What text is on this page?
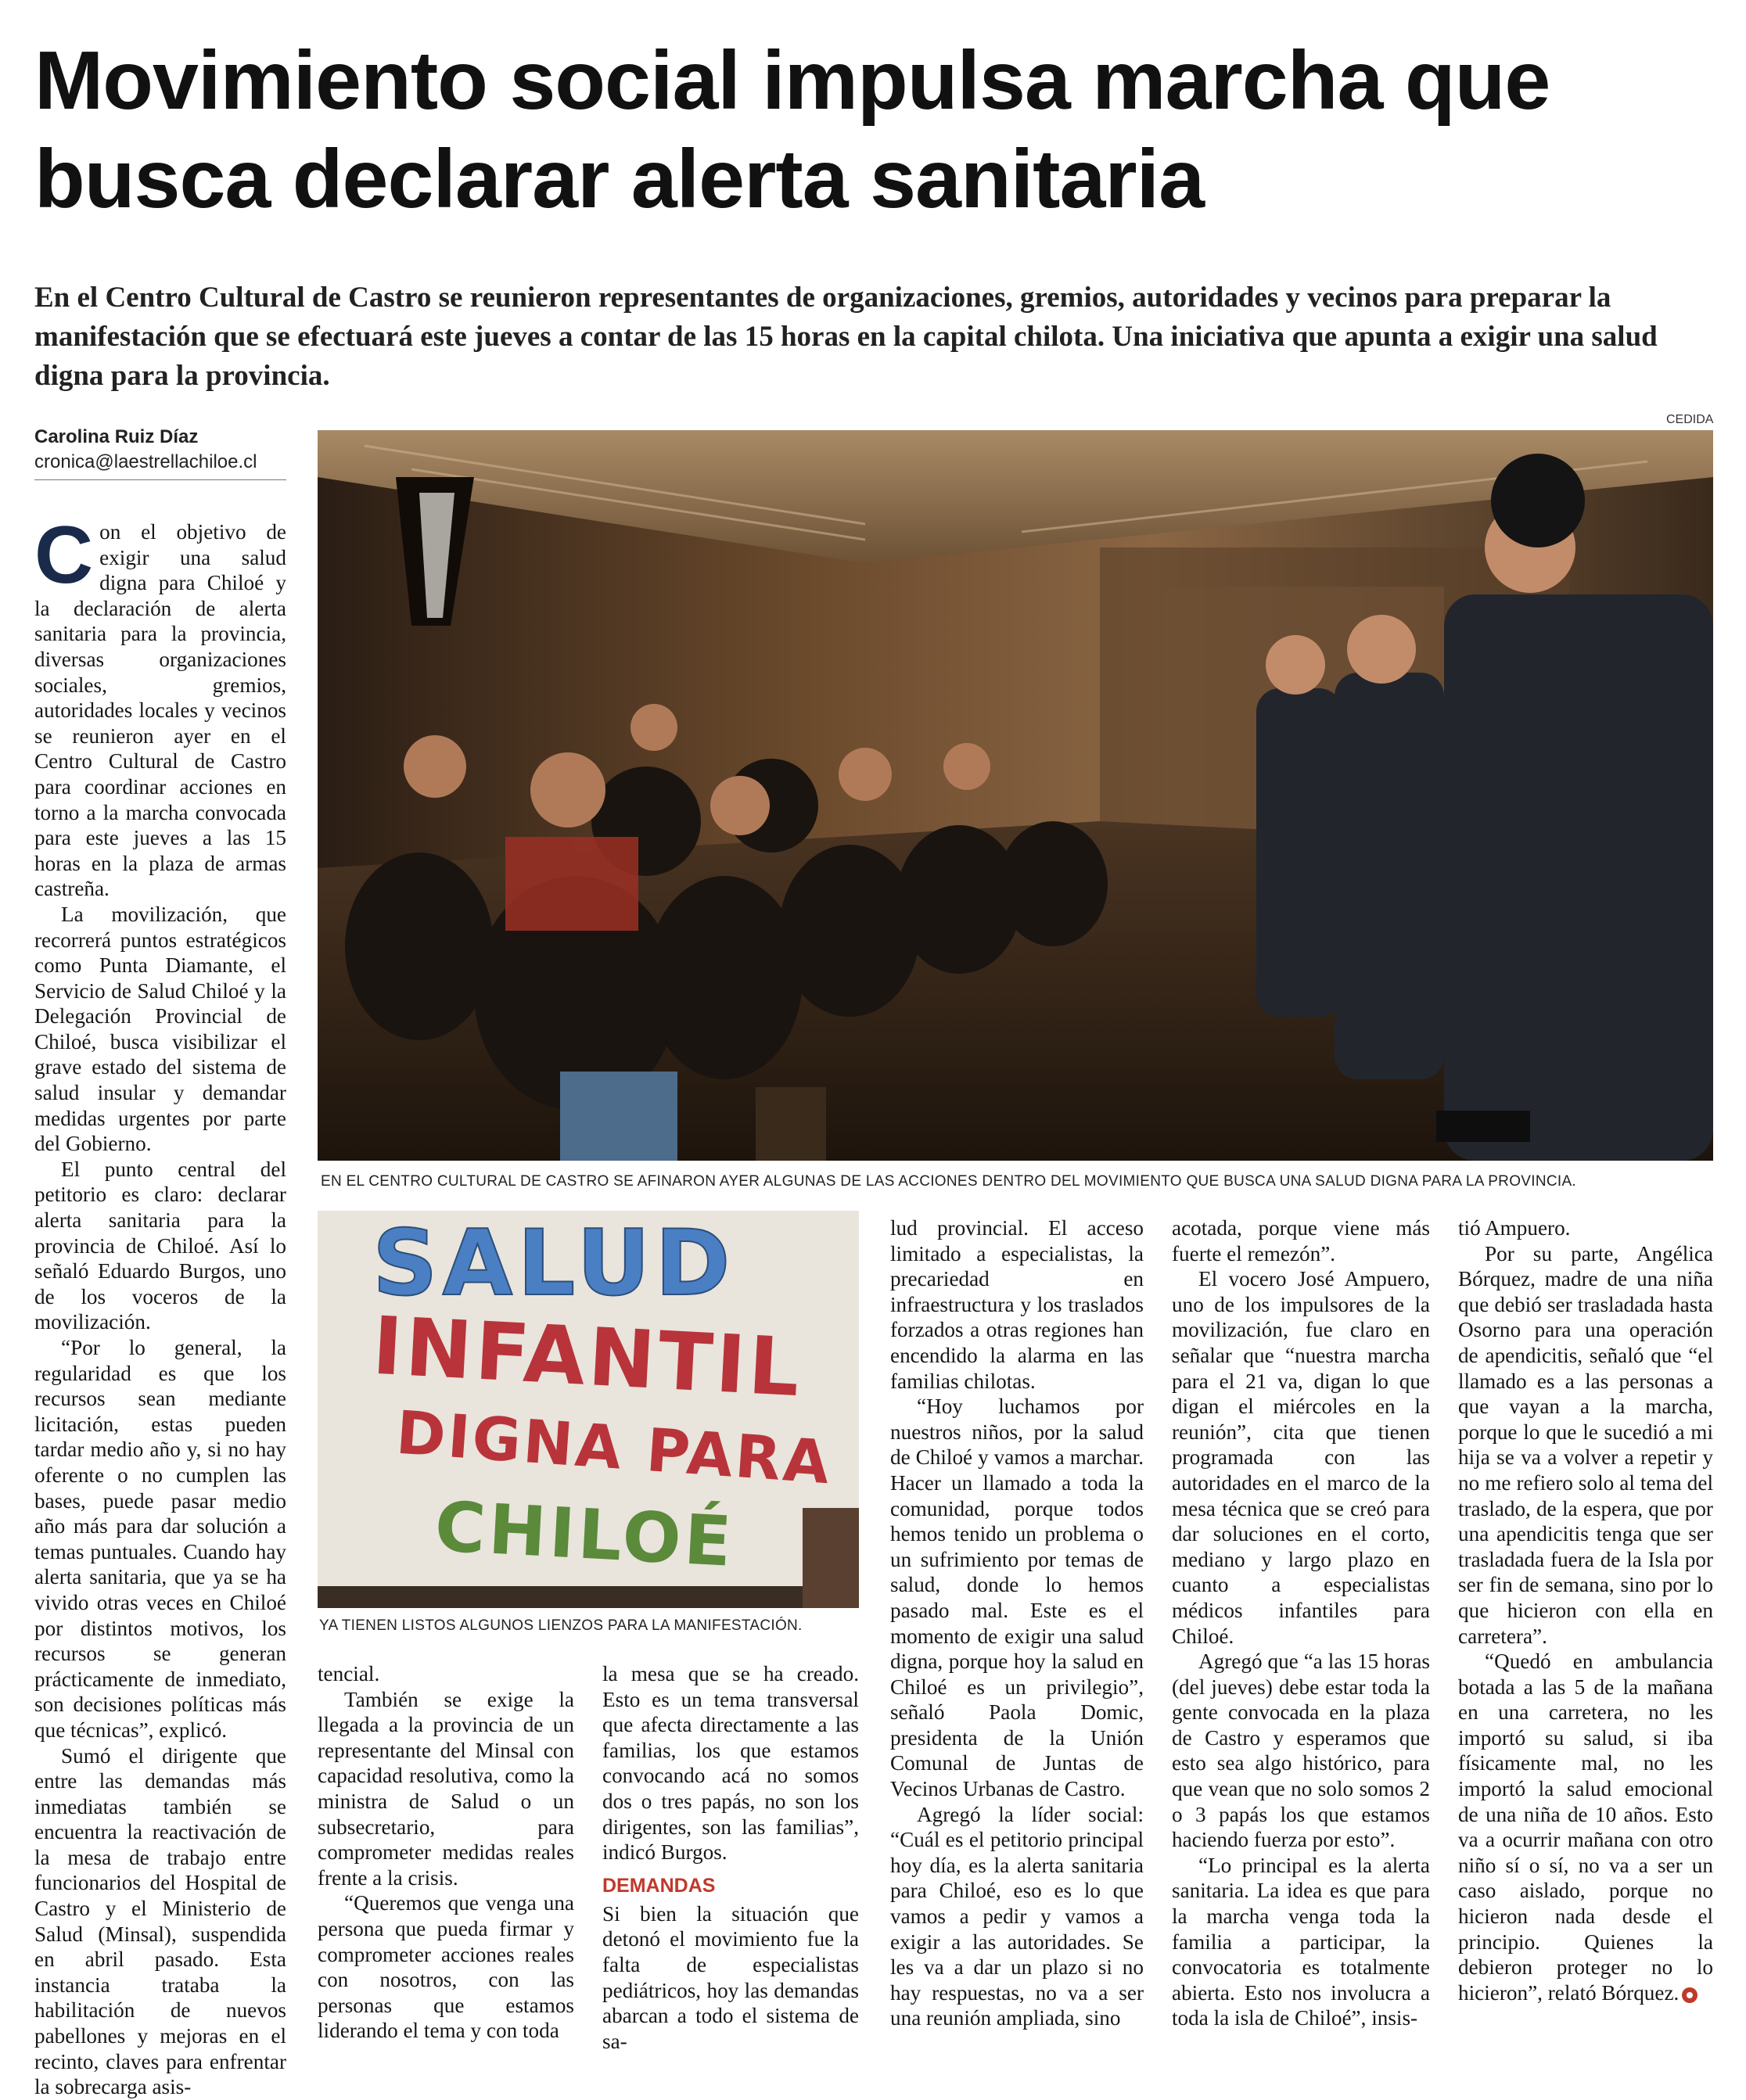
Movimiento social impulsa marcha que busca declarar alerta sanitaria

En el Centro Cultural de Castro se reunieron representantes de organizaciones, gremios, autoridades y vecinos para preparar la manifestación que se efectuará este jueves a contar de las 15 horas en la capital chilota. Una iniciativa que apunta a exigir una salud digna para la provincia.

Carolina Ruiz Díaz
cronica@laestrellachiloe.cl
CEDIDA
EN EL CENTRO CULTURAL DE CASTRO SE AFINARON AYER ALGUNAS DE LAS ACCIONES DENTRO DEL MOVIMIENTO QUE BUSCA UNA SALUD DIGNA PARA LA PROVINCIA.
SALUD
INFANTIL
DIGNA PARA
CHILOÉ
YA TIENEN LISTOS ALGUNOS LIENZOS PARA LA MANIFESTACIÓN.

Con el objetivo de exigir una salud digna para Chiloé y la declaración de alerta sanitaria para la provincia, diversas organizaciones sociales, gremios, autoridades locales y vecinos se reunieron ayer en el Centro Cultural de Castro para coordinar acciones en torno a la marcha convocada para este jueves a las 15 horas en la plaza de armas castreña.

La movilización, que recorrerá puntos estratégicos como Punta Diamante, el Servicio de Salud Chiloé y la Delegación Provincial de Chiloé, busca visibilizar el grave estado del sistema de salud insular y demandar medidas urgentes por parte del Gobierno.

El punto central del petitorio es claro: declarar alerta sanitaria para la provincia de Chiloé. Así lo señaló Eduardo Burgos, uno de los voceros de la movilización.

“Por lo general, la regularidad es que los recursos sean mediante licitación, estas pueden tardar medio año y, si no hay oferente o no cumplen las bases, puede pasar medio año más para dar solución a temas puntuales. Cuando hay alerta sanitaria, que ya se ha vivido otras veces en Chiloé por distintos motivos, los recursos se generan prácticamente de inmediato, son decisiones políticas más que técnicas”, explicó.

Sumó el dirigente que entre las demandas más inmediatas también se encuentra la reactivación de la mesa de trabajo entre funcionarios del Hospital de Castro y el Ministerio de Salud (Minsal), suspendida en abril pasado. Esta instancia trataba la habilitación de nuevos pabellones y mejoras en el recinto, claves para enfrentar la sobrecarga asis-

tencial.

También se exige la llegada a la provincia de un representante del Minsal con capacidad resolutiva, como la ministra de Salud o un subsecretario, para comprometer medidas reales frente a la crisis.

“Queremos que venga una persona que pueda firmar y comprometer acciones reales con nosotros, con las personas que estamos liderando el tema y con toda

la mesa que se ha creado. Esto es un tema transversal que afecta directamente a las familias, los que estamos convocando acá no somos dos o tres papás, no son los dirigentes, son las familias”, indicó Burgos.

DEMANDAS

Si bien la situación que detonó el movimiento fue la falta de especialistas pediátricos, hoy las demandas abarcan a todo el sistema de sa-

lud provincial. El acceso limitado a especialistas, la precariedad en infraestructura y los traslados forzados a otras regiones han encendido la alarma en las familias chilotas.

“Hoy luchamos por nuestros niños, por la salud de Chiloé y vamos a marchar. Hacer un llamado a toda la comunidad, porque todos hemos tenido un problema o un sufrimiento por temas de salud, donde lo hemos pasado mal. Este es el momento de exigir una salud digna, porque hoy la salud en Chiloé es un privilegio”, señaló Paola Domic, presidenta de la Unión Comunal de Juntas de Vecinos Urbanas de Castro.

Agregó la líder social: “Cuál es el petitorio principal hoy día, es la alerta sanitaria para Chiloé, eso es lo que vamos a pedir y vamos a exigir a las autoridades. Se les va a dar un plazo si no hay respuestas, no va a ser una reunión ampliada, sino

acotada, porque viene más fuerte el remezón”.

El vocero José Ampuero, uno de los impulsores de la movilización, fue claro en señalar que “nuestra marcha para el 21 va, digan lo que digan el miércoles en la reunión”, cita que tienen programada con las autoridades en el marco de la mesa técnica que se creó para dar soluciones en el corto, mediano y largo plazo en cuanto a especialistas médicos infantiles para Chiloé.

Agregó que “a las 15 horas (del jueves) debe estar toda la gente convocada en la plaza de Castro y esperamos que esto sea algo histórico, para que vean que no solo somos 2 o 3 papás los que estamos haciendo fuerza por esto”.

“Lo principal es la alerta sanitaria. La idea es que para la marcha venga toda la familia a participar, la convocatoria es totalmente abierta. Esto nos involucra a toda la isla de Chiloé”, insis-

tió Ampuero.

Por su parte, Angélica Bórquez, madre de una niña que debió ser trasladada hasta Osorno para una operación de apendicitis, señaló que “el llamado es a las personas a que vayan a la marcha, porque lo que le sucedió a mi hija se va a volver a repetir y no me refiero solo al tema del traslado, de la espera, que por una apendicitis tenga que ser trasladada fuera de la Isla por ser fin de semana, sino por lo que hicieron con ella en carretera”.

“Quedó en ambulancia botada a las 5 de la mañana en una carretera, no les importó su salud, si iba físicamente mal, no les importó la salud emocional de una niña de 10 años. Esto va a ocurrir mañana con otro niño sí o sí, no va a ser un caso aislado, porque no hicieron nada desde el principio. Quienes la debieron proteger no lo hicieron”, relató Bórquez.
